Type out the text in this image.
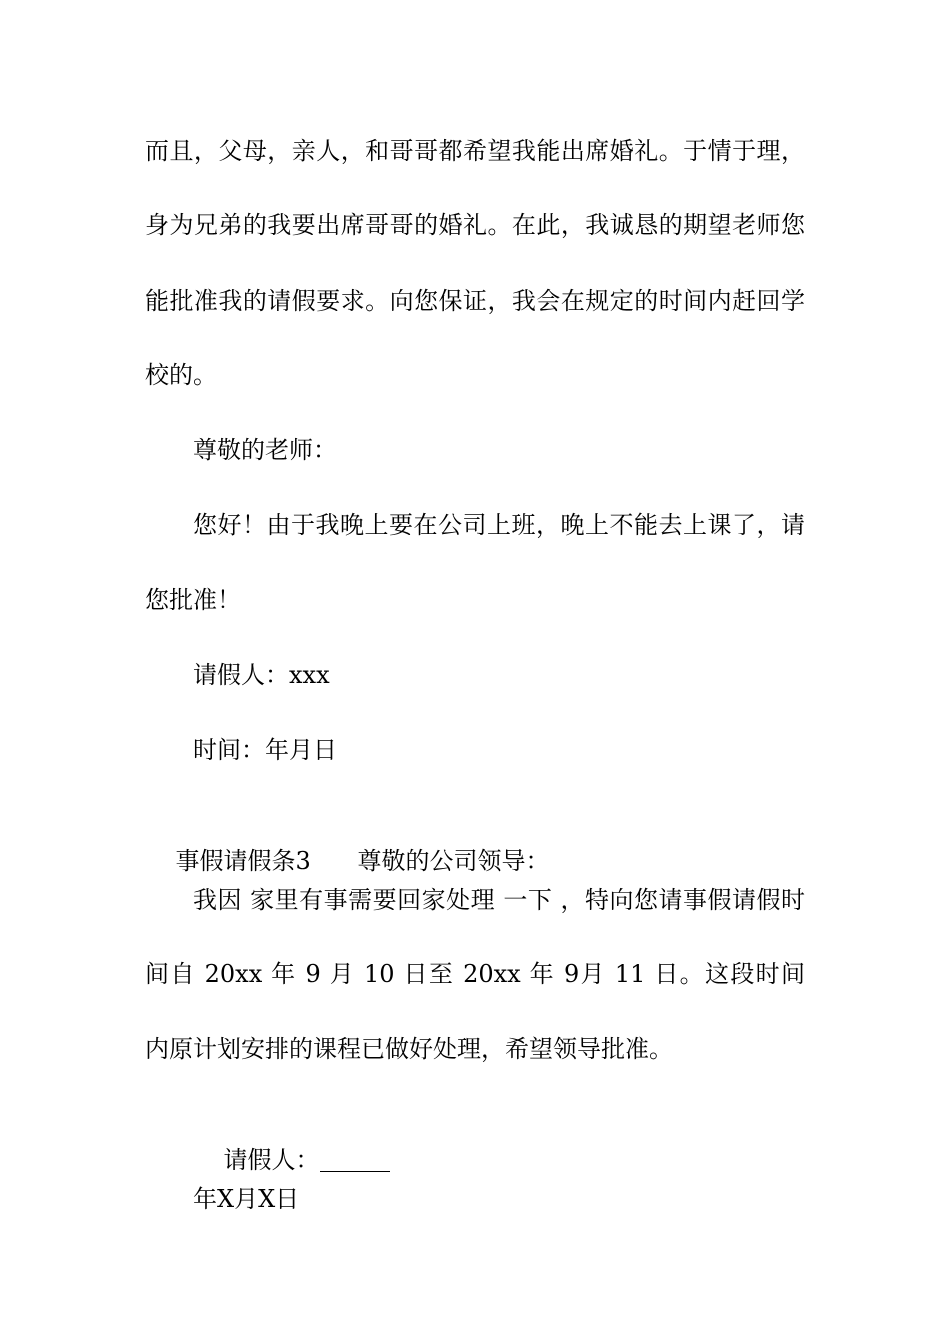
而且，父母，亲人，和哥哥都希望我能出席婚礼。于情于理，
身为兄弟的我要出席哥哥的婚礼。在此，我诚恳的期望老师您
能批准我的请假要求。向您保证，我会在规定的时间内赶回学
校的。
尊敬的老师：
您好！由于我晚上要在公司上班，晚上不能去上课了，请
您批准！
请假人：xxx
时间：年月日

事假请假条3 尊敬的公司领导：

我因 家里有事需要回家处理 一下 ，特向您请事假请假时
间自 20xx 年 9 月 10 日至 20xx 年 9月 11 日。这段时间
内原计划安排的课程已做好处理，希望领导批准。

请假人：

年X月X日
